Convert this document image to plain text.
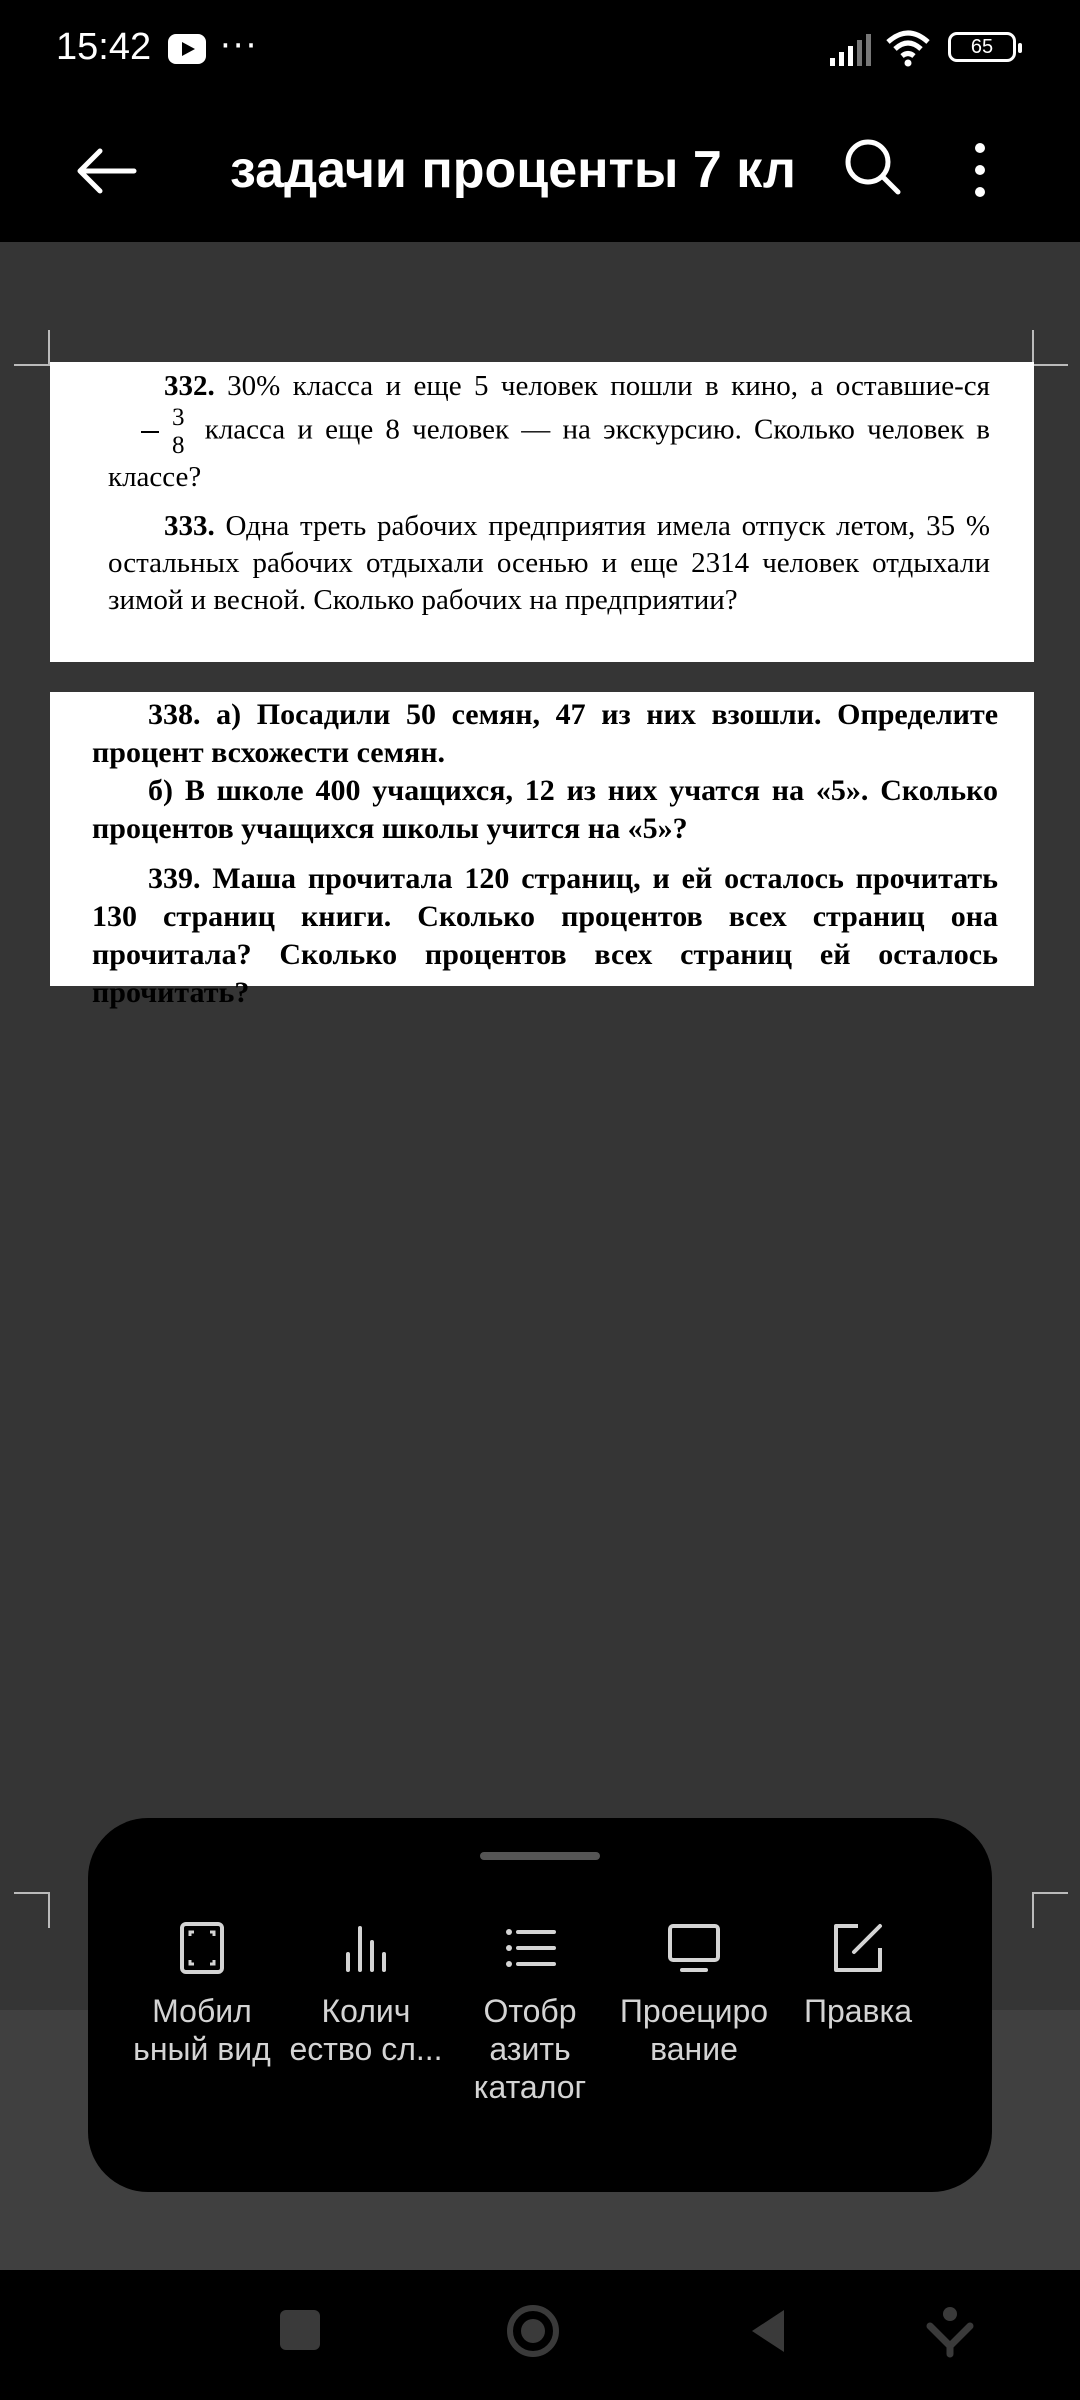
15:42 ···	65
задачи проценты 7 кл

332. 30% класса и еще 5 человек пошли в кино, а оставшие-ся
$\frac{3}{8}$ класса и еще 8 человек — на экскурсию. Сколько человек в классе?

333. Одна треть рабочих предприятия имела отпуск летом, 35 % остальных рабочих отдыхали осенью и еще 2314 человек отдыхали зимой и весной. Сколько рабочих на предприятии?

338. а) Посадили 50 семян, 47 из них взошли. Определите процент всхожести семян.

б) В школе 400 учащихся, 12 из них учатся на «5». Сколько процентов учащихся школы учится на «5»?

339. Маша прочитала 120 страниц, и ей осталось прочитать 130 страниц книги. Сколько процентов всех страниц она прочитала? Сколько процентов всех страниц ей осталось прочитать?

Мобил ьный вид
Колич ество сл...
Отобр азить каталог
Проециро вание
Правка
